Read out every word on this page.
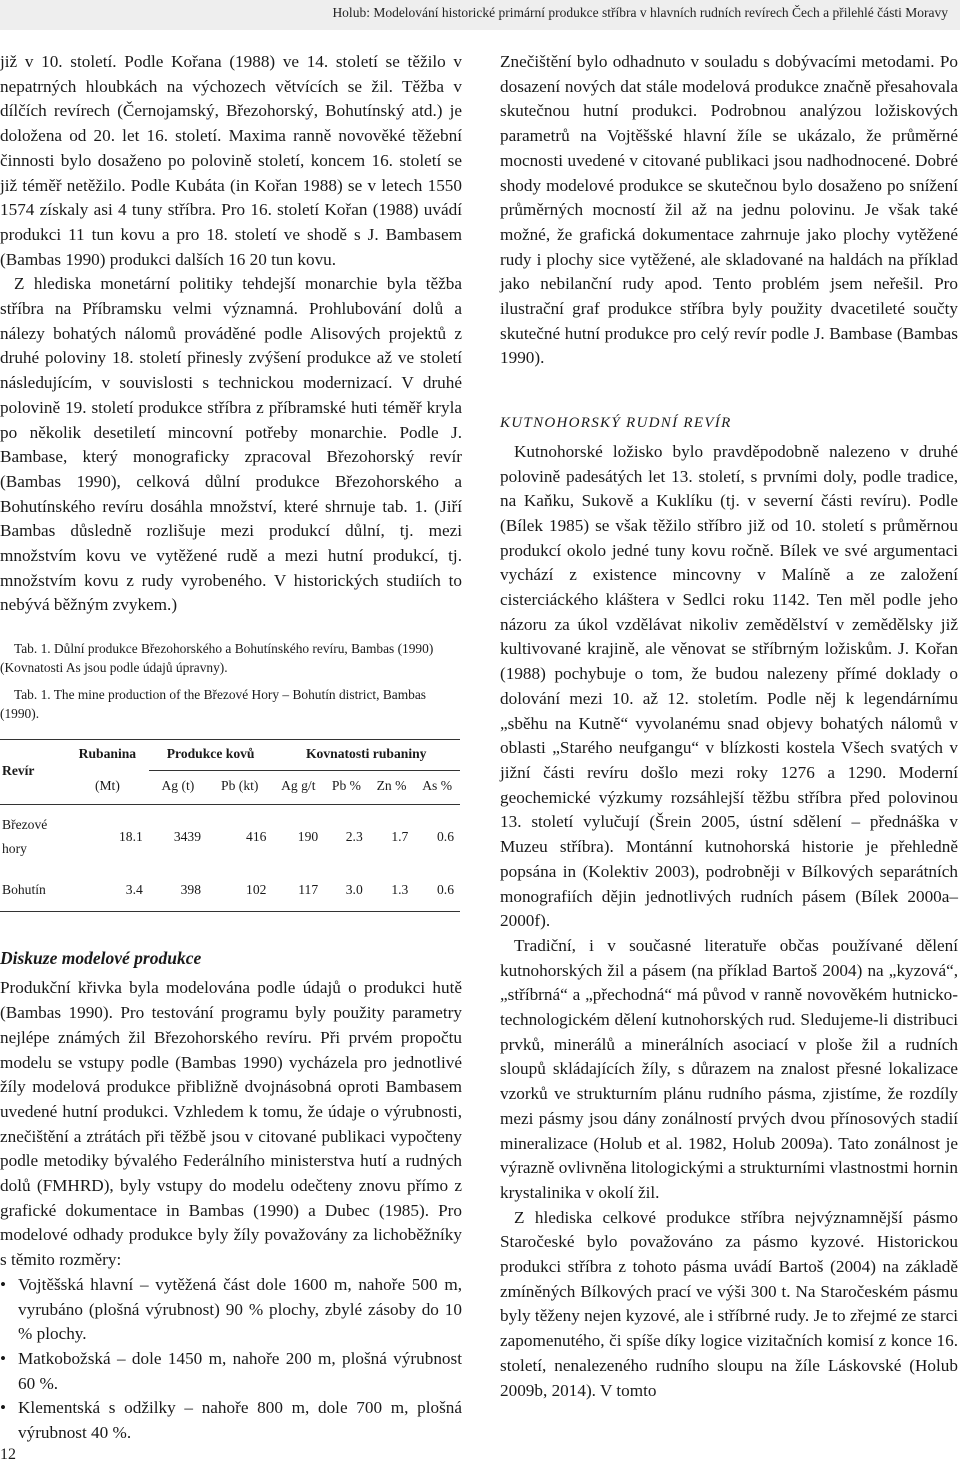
Holub: Modelování historické primární produkce stříbra v hlavních rudních revírech Čech a přilehlé části Moravy

již v 10. století. Podle Kořana (1988) ve 14. století se těžilo v nepatrných hloubkách na výchozech větvících se žil. Těžba v dílčích revírech (Černojamský, Březohorský, Bohutínský atd.) je doložena od 20. let 16. století. Maxima ranně novověké těžební činnosti bylo dosaženo po polovině století, koncem 16. století se již téměř netěžilo. Podle Kubáta (in Kořan 1988) se v letech 1550 1574 získaly asi 4 tuny stříbra. Pro 16. století Kořan (1988) uvádí produkci 11 tun kovu a pro 18. století ve shodě s J. Bambasem (Bambas 1990) produkci dalších 16 20 tun kovu.

Z hlediska monetární politiky tehdejší monarchie byla těžba stříbra na Příbramsku velmi významná. Prohlubování dolů a nálezy bohatých nálomů prováděné podle Alisových projektů z druhé poloviny 18. století přinesly zvýšení produkce až ve století následujícím, v souvislosti s technickou modernizací. V druhé polovině 19. století produkce stříbra z příbramské huti téměř kryla po několik desetiletí mincovní potřeby monarchie. Podle J. Bambase, který monograficky zpracoval Březohorský revír (Bambas 1990), celková důlní produkce Březohorského a Bohutínského revíru dosáhla množství, které shrnuje tab. 1. (Jiří Bambas důsledně rozlišuje mezi produkcí důlní, tj. mezi množstvím kovu ve vytěžené rudě a mezi hutní produkcí, tj. množstvím kovu z rudy vyrobeného. V historických studiích to nebývá běžným zvykem.)

Tab. 1. Důlní produkce Březohorského a Bohutínského revíru, Bambas (1990) (Kovnatosti As jsou podle údajů úpravny).

Tab. 1. The mine production of the Březové Hory – Bohutín district, Bambas (1990).

Revír	Rubanina	Produkce kovů		Kovnatosti rubaniny			
	(Mt)	Ag (t)	Pb (kt)	Ag g/t	Pb %	Zn %	As %
Březové hory	18.1	3439	416	190	2.3	1.7	0.6
Bohutín	3.4	398	102	117	3.0	1.3	0.6
Diskuze modelové produkce

Produkční křivka byla modelována podle údajů o produkci hutě (Bambas 1990). Pro testování programu byly použity parametry nejlépe známých žil Březohorského revíru. Při prvém propočtu modelu se vstupy podle (Bambas 1990) vycházela pro jednotlivé žíly modelová produkce přibližně dvojnásobná oproti Bambasem uvedené hutní produkci. Vzhledem k tomu, že údaje o výrubnosti, znečištění a ztrátách při těžbě jsou v citované publikaci vypočteny podle metodiky bývalého Federálního ministerstva hutí a rudných dolů (FMHRD), byly vstupy do modelu odečteny znovu přímo z grafické dokumentace in Bambas (1990) a Dubec (1985). Pro modelové odhady produkce byly žíly považovány za lichoběžníky s těmito rozměry:

• Vojtěšská hlavní – vytěžená část dole 1600 m, nahoře 500 m, vyrubáno (plošná výrubnost) 90 % plochy, zbylé zásoby do 10 % plochy.
• Matkobožská – dole 1450 m, nahoře 200 m, plošná výrubnost 60 %.
• Klementská s odžilky – nahoře 800 m, dole 700 m, plošná výrubnost 40 %.

Znečištění bylo odhadnuto v souladu s dobývacími metodami. Po dosazení nových dat stále modelová produkce značně přesahovala skutečnou hutní produkci. Podrobnou analýzou ložiskových parametrů na Vojtěšské hlavní žíle se ukázalo, že průměrné mocnosti uvedené v citované publikaci jsou nadhodnocené. Dobré shody modelové produkce se skutečnou bylo dosaženo po snížení průměrných mocností žil až na jednu polovinu. Je však také možné, že grafická dokumentace zahrnuje jako plochy vytěžené rudy i plochy sice vytěžené, ale skladované na haldách na příklad jako nebilanční rudy apod. Tento problém jsem neřešil. Pro ilustrační graf produkce stříbra byly použity dvacetileté součty skutečné hutní produkce pro celý revír podle J. Bambase (Bambas 1990).

KUTNOHORSKÝ RUDNÍ REVÍR

Kutnohorské ložisko bylo pravděpodobně nalezeno v druhé polovině padesátých let 13. století, s prvními doly, podle tradice, na Kaňku, Sukově a Kuklíku (tj. v severní části revíru). Podle (Bílek 1985) se však těžilo stříbro již od 10. století s průměrnou produkcí okolo jedné tuny kovu ročně. Bílek ve své argumentaci vychází z existence mincovny v Malíně a ze založení cisterciáckého kláštera v Sedlci roku 1142. Ten měl podle jeho názoru za úkol vzdělávat nikoliv zemědělství v zemědělsky již kultivované krajině, ale věnovat se stříbrným ložiskům. J. Kořan (1988) pochybuje o tom, že budou nalezeny přímé doklady o dolování mezi 10. až 12. stoletím. Podle něj k legendárnímu „sběhu na Kutně“ vyvolanému snad objevy bohatých nálomů v oblasti „Starého neufgangu“ v blízkosti kostela Všech svatých v jižní části revíru došlo mezi roky 1276 a 1290. Moderní geochemické výzkumy rozsáhlejší těžbu stříbra před polovinou 13. století vylučují (Šrein 2005, ústní sdělení – přednáška v Muzeu stříbra). Montánní kutnohorská historie je přehledně popsána in (Kolektiv 2003), podrobněji v Bílkových separátních monografiích dějin jednotlivých rudních pásem (Bílek 2000a–2000f).

Tradiční, i v současné literatuře občas používané dělení kutnohorských žil a pásem (na příklad Bartoš 2004) na „kyzová“, „stříbrná“ a „přechodná“ má původ v ranně novověkém hutnicko-technologickém dělení kutnohorských rud. Sledujeme-li distribuci prvků, minerálů a minerálních asociací v ploše žil a rudních sloupů skládajících žíly, s důrazem na znalost přesné lokalizace vzorků ve strukturním plánu rudního pásma, zjistíme, že rozdíly mezi pásmy jsou dány zonálností prvých dvou přínosových stadií mineralizace (Holub et al. 1982, Holub 2009a). Tato zonálnost je výrazně ovlivněna litologickými a strukturními vlastnostmi hornin krystalinika v okolí žil.

Z hlediska celkové produkce stříbra nejvýznamnější pásmo Staročeské bylo považováno za pásmo kyzové. Historickou produkci stříbra z tohoto pásma uvádí Bartoš (2004) na základě zmíněných Bílkových prací ve výši 300 t. Na Staročeském pásmu byly těženy nejen kyzové, ale i stříbrné rudy. Je to zřejmé ze starci zapomenutého, či spíše díky logice vizitačních komisí z konce 16. století, nenalezeného rudního sloupu na žíle Láskovské (Holub 2009b, 2014). V tomto

12
